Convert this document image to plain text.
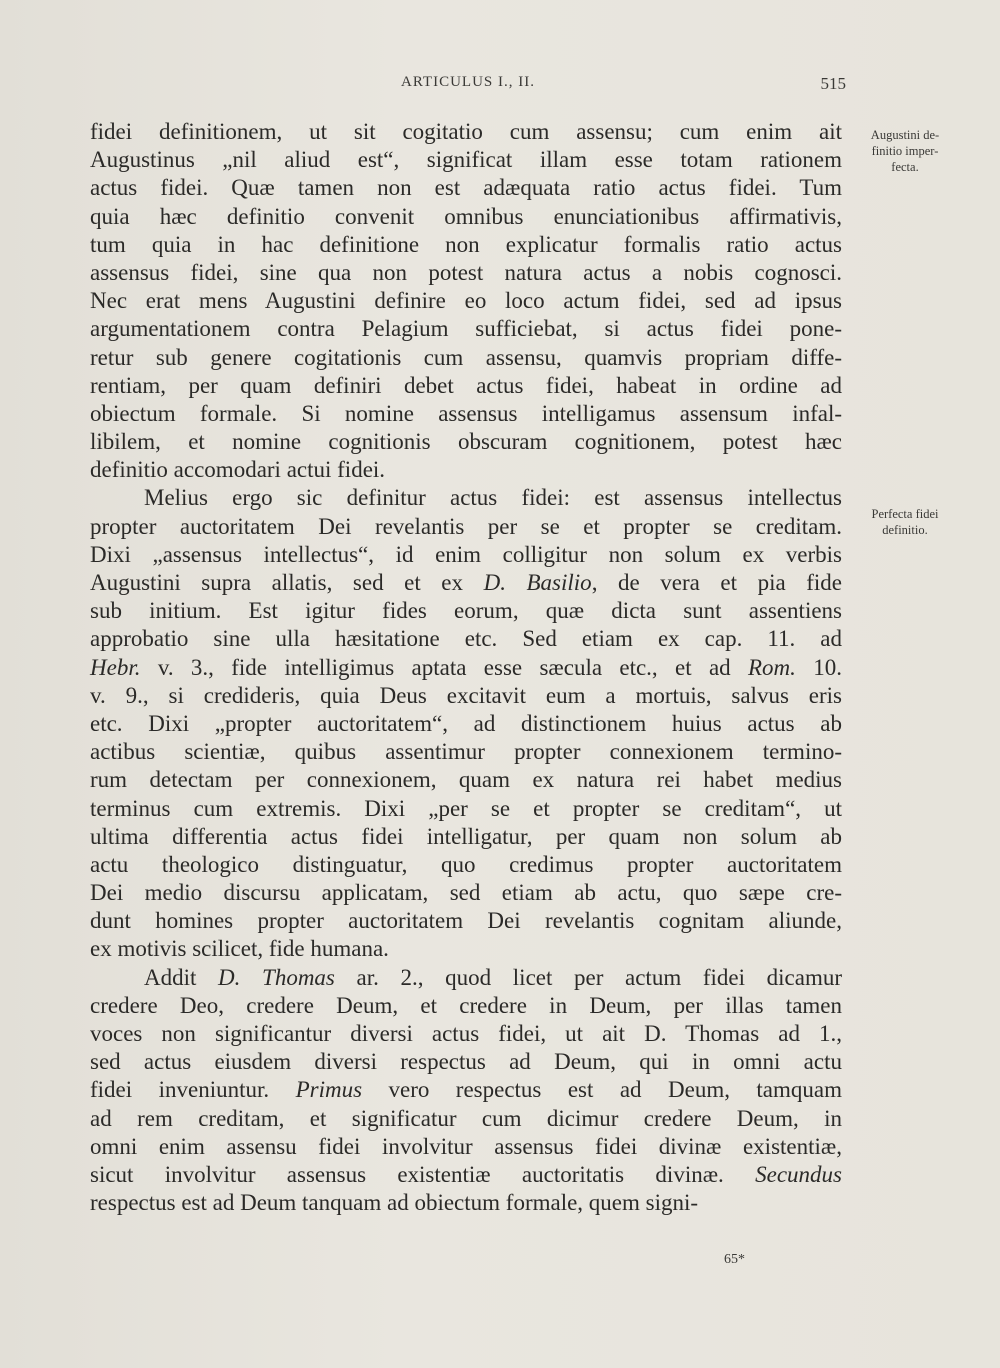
ARTICULUS I., II.	515
Augustini de-
finitio imper-
fecta.
Perfecta fidei
definitio.
fidei definitionem, ut sit cogitatio cum assensu; cum enim ait
Augustinus „nil aliud est“, significat illam esse totam rationem
actus fidei. Quæ tamen non est adæquata ratio actus fidei. Tum
quia hæc definitio convenit omnibus enunciationibus affirmativis,
tum quia in hac definitione non explicatur formalis ratio actus
assensus fidei, sine qua non potest natura actus a nobis cognosci.
Nec erat mens Augustini definire eo loco actum fidei, sed ad ipsus
argumentationem contra Pelagium sufficiebat, si actus fidei pone-
retur sub genere cogitationis cum assensu, quamvis propriam diffe-
rentiam, per quam definiri debet actus fidei, habeat in ordine ad
obiectum formale. Si nomine assensus intelligamus assensum infal-
libilem, et nomine cognitionis obscuram cognitionem, potest hæc
definitio accomodari actui fidei.
Melius ergo sic definitur actus fidei: est assensus intellectus
propter auctoritatem Dei revelantis per se et propter se creditam.
Dixi „assensus intellectus“, id enim colligitur non solum ex verbis
Augustini supra allatis, sed et ex D. Basilio, de vera et pia fide
sub initium. Est igitur fides eorum, quæ dicta sunt assentiens
approbatio sine ulla hæsitatione etc. Sed etiam ex cap. 11. ad
Hebr. v. 3., fide intelligimus aptata esse sæcula etc., et ad Rom. 10.
v. 9., si credideris, quia Deus excitavit eum a mortuis, salvus eris
etc. Dixi „propter auctoritatem“, ad distinctionem huius actus ab
actibus scientiæ, quibus assentimur propter connexionem termino-
rum detectam per connexionem, quam ex natura rei habet medius
terminus cum extremis. Dixi „per se et propter se creditam“, ut
ultima differentia actus fidei intelligatur, per quam non solum ab
actu theologico distinguatur, quo credimus propter auctoritatem
Dei medio discursu applicatam, sed etiam ab actu, quo sæpe cre-
dunt homines propter auctoritatem Dei revelantis cognitam aliunde,
ex motivis scilicet, fide humana.
Addit D. Thomas ar. 2., quod licet per actum fidei dicamur
credere Deo, credere Deum, et credere in Deum, per illas tamen
voces non significantur diversi actus fidei, ut ait D. Thomas ad 1.,
sed actus eiusdem diversi respectus ad Deum, qui in omni actu
fidei inveniuntur. Primus vero respectus est ad Deum, tamquam
ad rem creditam, et significatur cum dicimur credere Deum, in
omni enim assensu fidei involvitur assensus fidei divinæ existentiæ,
sicut involvitur assensus existentiæ auctoritatis divinæ. Secundus
respectus est ad Deum tanquam ad obiectum formale, quem signi-
65*
